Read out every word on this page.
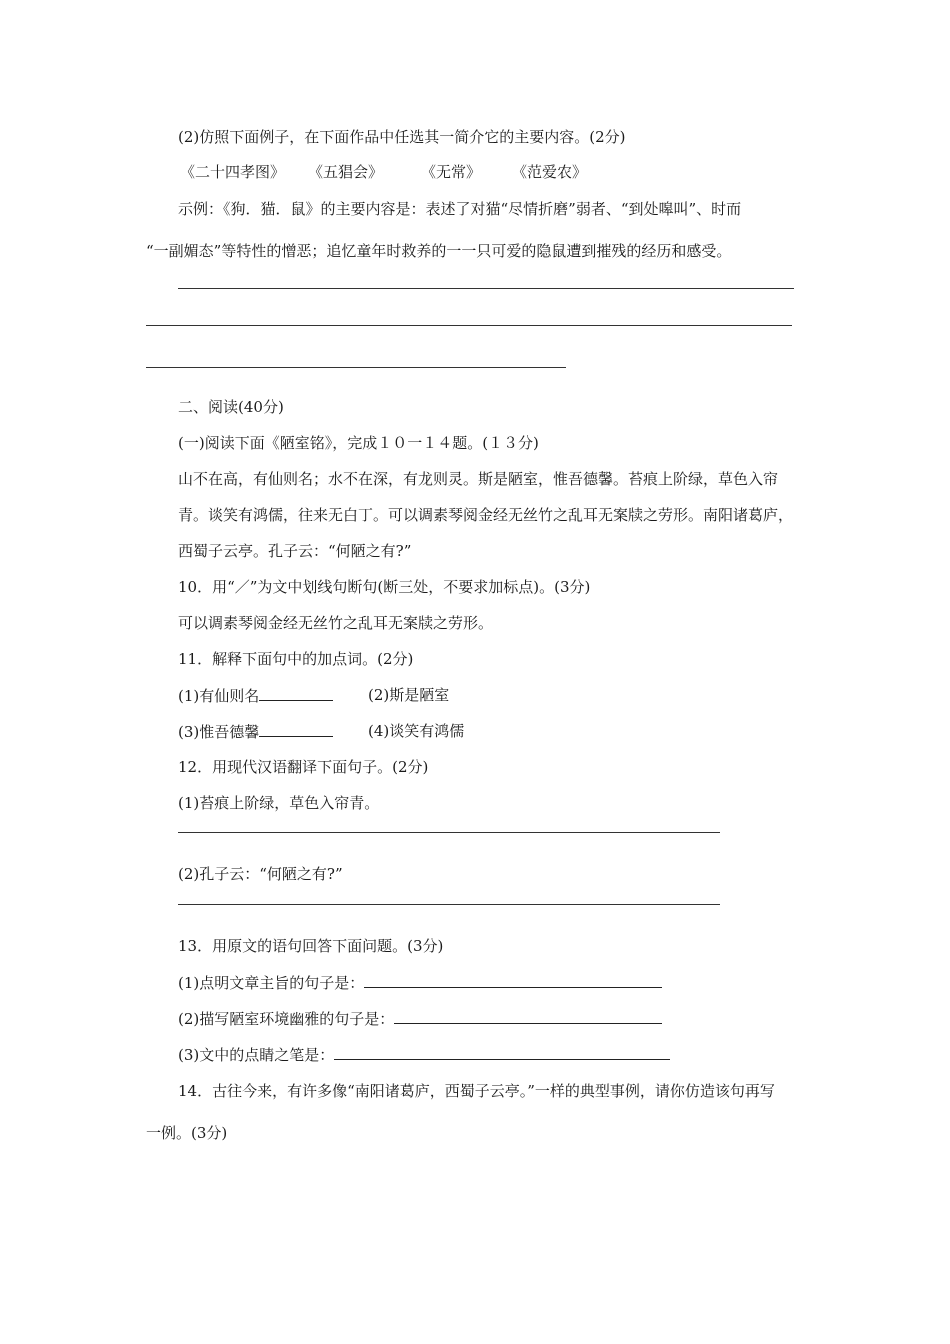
(2)仿照下面例子，在下面作品中任选其一简介它的主要内容。(2分)
《二十四孝图》 《五猖会》	《无常》 《范爱农》
示例：《狗．猫．鼠》的主要内容是：表述了对猫“尽情折磨”弱者、“到处嗥叫”、时而
“一副媚态”等特性的憎恶；追忆童年时救养的一一只可爱的隐鼠遭到摧残的经历和感受。
二、阅读(40分)
(一)阅读下面《陋室铭》，完成１０一１４题。(１３分)
山不在高，有仙则名；水不在深，有龙则灵。斯是陋室，惟吾德馨。苔痕上阶绿，草色入帘
青。谈笑有鸿儒，往来无白丁。可以调素琴阅金经无丝竹之乱耳无案牍之劳形。南阳诸葛庐，
西蜀子云亭。孔子云：“何陋之有?”
10．用“／”为文中划线句断句(断三处，不要求加标点)。(3分)
可以调素琴阅金经无丝竹之乱耳无案牍之劳形。
11．解释下面句中的加点词。(2分)
(1)有仙则名	(2)斯是陋室
(3)惟吾德馨	(4)谈笑有鸿儒
12．用现代汉语翻译下面句子。(2分)
(1)苔痕上阶绿，草色入帘青。
(2)孔子云：“何陋之有?”
13．用原文的语句回答下面问题。(3分)
(1)点明文章主旨的句子是：
(2)描写陋室环境幽雅的句子是：
(3)文中的点睛之笔是：
14．古往今来，有许多像“南阳诸葛庐，西蜀子云亭。”一样的典型事例，请你仿造该句再写
一例。(3分)
